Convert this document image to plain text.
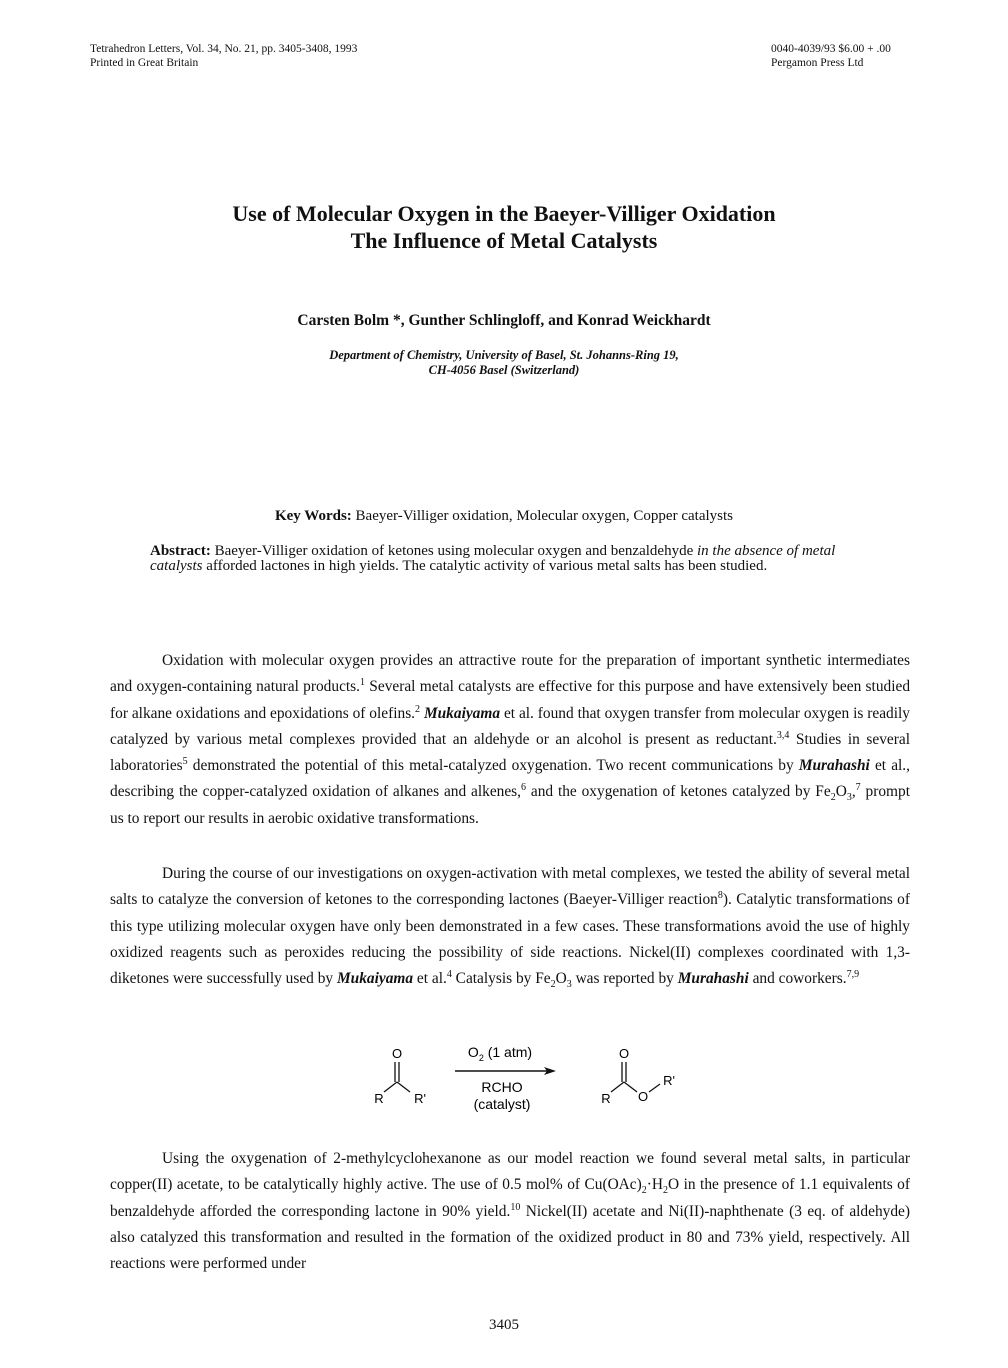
Tetrahedron Letters, Vol. 34, No. 21, pp. 3405-3408, 1993
Printed in Great Britain
0040-4039/93 $6.00 + .00
Pergamon Press Ltd
Use of Molecular Oxygen in the Baeyer-Villiger Oxidation
The Influence of Metal Catalysts
Carsten Bolm *, Gunther Schlingloff, and Konrad Weickhardt
Department of Chemistry, University of Basel, St. Johanns-Ring 19,
CH-4056 Basel (Switzerland)
Key Words: Baeyer-Villiger oxidation, Molecular oxygen, Copper catalysts
Abstract: Baeyer-Villiger oxidation of ketones using molecular oxygen and benzaldehyde in the absence of metal catalysts afforded lactones in high yields. The catalytic activity of various metal salts has been studied.

Oxidation with molecular oxygen provides an attractive route for the preparation of important synthetic intermediates and oxygen-containing natural products.$^1$ Several metal catalysts are effective for this purpose and have extensively been studied for alkane oxidations and epoxidations of olefins.$^2$ Mukaiyama et al. found that oxygen transfer from molecular oxygen is readily catalyzed by various metal complexes provided that an aldehyde or an alcohol is present as reductant.$^{3,4}$ Studies in several laboratories$^5$ demonstrated the potential of this metal-catalyzed oxygenation. Two recent communications by Murahashi et al., describing the copper-catalyzed oxidation of alkanes and alkenes,$^6$ and the oxygenation of ketones catalyzed by $Fe_2O_3,^7$ prompt us to report our results in aerobic oxidative transformations.

During the course of our investigations on oxygen-activation with metal complexes, we tested the ability of several metal salts to catalyze the conversion of ketones to the corresponding lactones (Baeyer-Villiger reaction$^8$). Catalytic transformations of this type utilizing molecular oxygen have only been demonstrated in a few cases. These transformations avoid the use of highly oxidized reagents such as peroxides reducing the possibility of side reactions. Nickel(II) complexes coordinated with 1,3-diketones were successfully used by Mukaiyama et al.$^4$ Catalysis by $Fe_2O_3$ was reported by Murahashi and coworkers.$^{7,9}$

O
R R'
$O_2$ (1 atm)
RCHO
(catalyst)
O
R O
R'

Using the oxygenation of 2-methylcyclohexanone as our model reaction we found several metal salts, in particular copper(II) acetate, to be catalytically highly active. The use of 0.5 mol% of $Cu(OAc)_2\cdot H_2O$ in the presence of 1.1 equivalents of benzaldehyde afforded the corresponding lactone in 90% yield.$^{10}$ Nickel(II) acetate and Ni(II)-naphthenate (3 eq. of aldehyde) also catalyzed this transformation and resulted in the formation of the oxidized product in 80 and 73% yield, respectively. All reactions were performed under

3405
